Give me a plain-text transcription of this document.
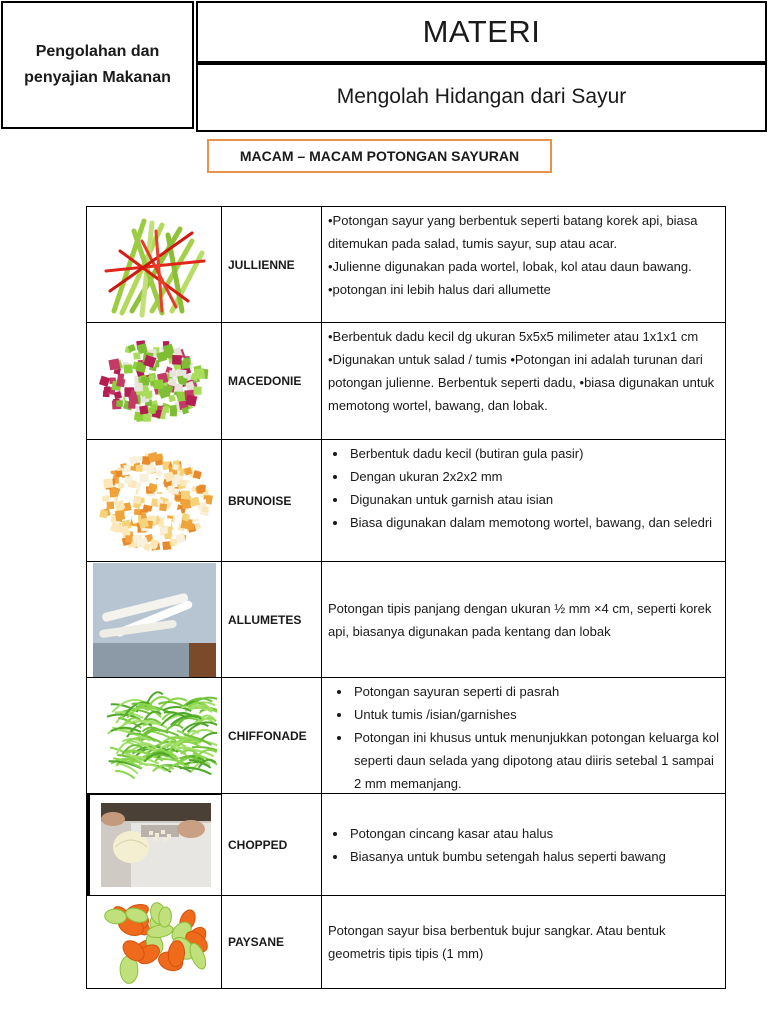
Pengolahan dan
penyajian Makanan
MATERI
Mengolah Hidangan dari Sayur
MACAM – MACAM POTONGAN SAYURAN
JULLIENNE

•Potongan sayur yang berbentuk seperti batang korek api, biasa ditemukan pada salad, tumis sayur, sup atau acar.

•Julienne digunakan pada wortel, lobak, kol atau daun bawang.

•potongan ini lebih halus dari allumette

MACEDONIE

•Berbentuk dadu kecil dg ukuran 5x5x5 milimeter atau 1x1x1 cm

•Digunakan untuk salad / tumis •Potongan ini adalah turunan dari potongan julienne. Berbentuk seperti dadu, •biasa digunakan untuk memotong wortel, bawang, dan lobak.

BRUNOISE
• Berbentuk dadu kecil (butiran gula pasir)
• Dengan ukuran 2x2x2 mm
• Digunakan untuk garnish atau isian
• Biasa digunakan dalam memotong wortel, bawang, dan seledri
ALLUMETES

Potongan tipis panjang dengan ukuran ½ mm ×4 cm, seperti korek api, biasanya digunakan pada kentang dan lobak

CHIFFONADE
• Potongan sayuran seperti di pasrah
• Untuk tumis /isian/garnishes
• Potongan ini khusus untuk menunjukkan potongan keluarga kol seperti daun selada yang dipotong atau diiris setebal 1 sampai 2 mm memanjang.
CHOPPED
• Potongan cincang kasar atau halus
• Biasanya untuk bumbu setengah halus seperti bawang
PAYSANE

Potongan sayur bisa berbentuk bujur sangkar. Atau bentuk geometris tipis tipis (1 mm)
